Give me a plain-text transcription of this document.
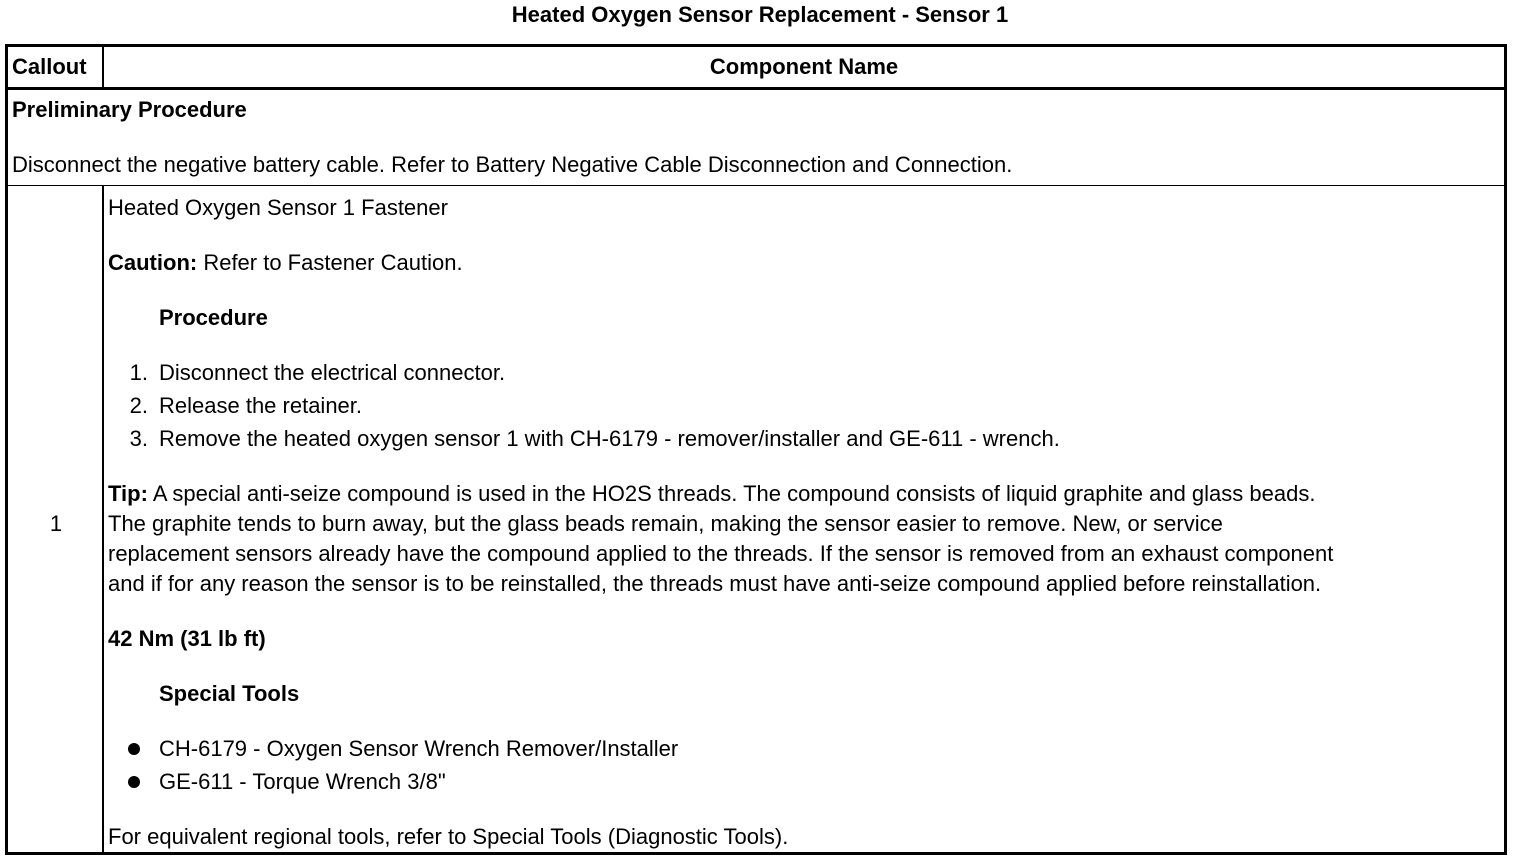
Heated Oxygen Sensor Replacement - Sensor 1
Callout	Component Name
Preliminary Procedure
Disconnect the negative battery cable. Refer to Battery Negative Cable Disconnection and Connection.
1
Heated Oxygen Sensor 1 Fastener
Caution: Refer to Fastener Caution.
Procedure
1. Disconnect the electrical connector.
2. Release the retainer.
3. Remove the heated oxygen sensor 1 with CH-6179 - remover/installer and GE-611 - wrench.
Tip: A special anti-seize compound is used in the HO2S threads. The compound consists of liquid graphite and glass beads.
The graphite tends to burn away, but the glass beads remain, making the sensor easier to remove. New, or service
replacement sensors already have the compound applied to the threads. If the sensor is removed from an exhaust component
and if for any reason the sensor is to be reinstalled, the threads must have anti-seize compound applied before reinstallation.
42 Nm (31 lb ft)
Special Tools
CH-6179 - Oxygen Sensor Wrench Remover/Installer
GE-611 - Torque Wrench 3/8"
For equivalent regional tools, refer to Special Tools (Diagnostic Tools).
